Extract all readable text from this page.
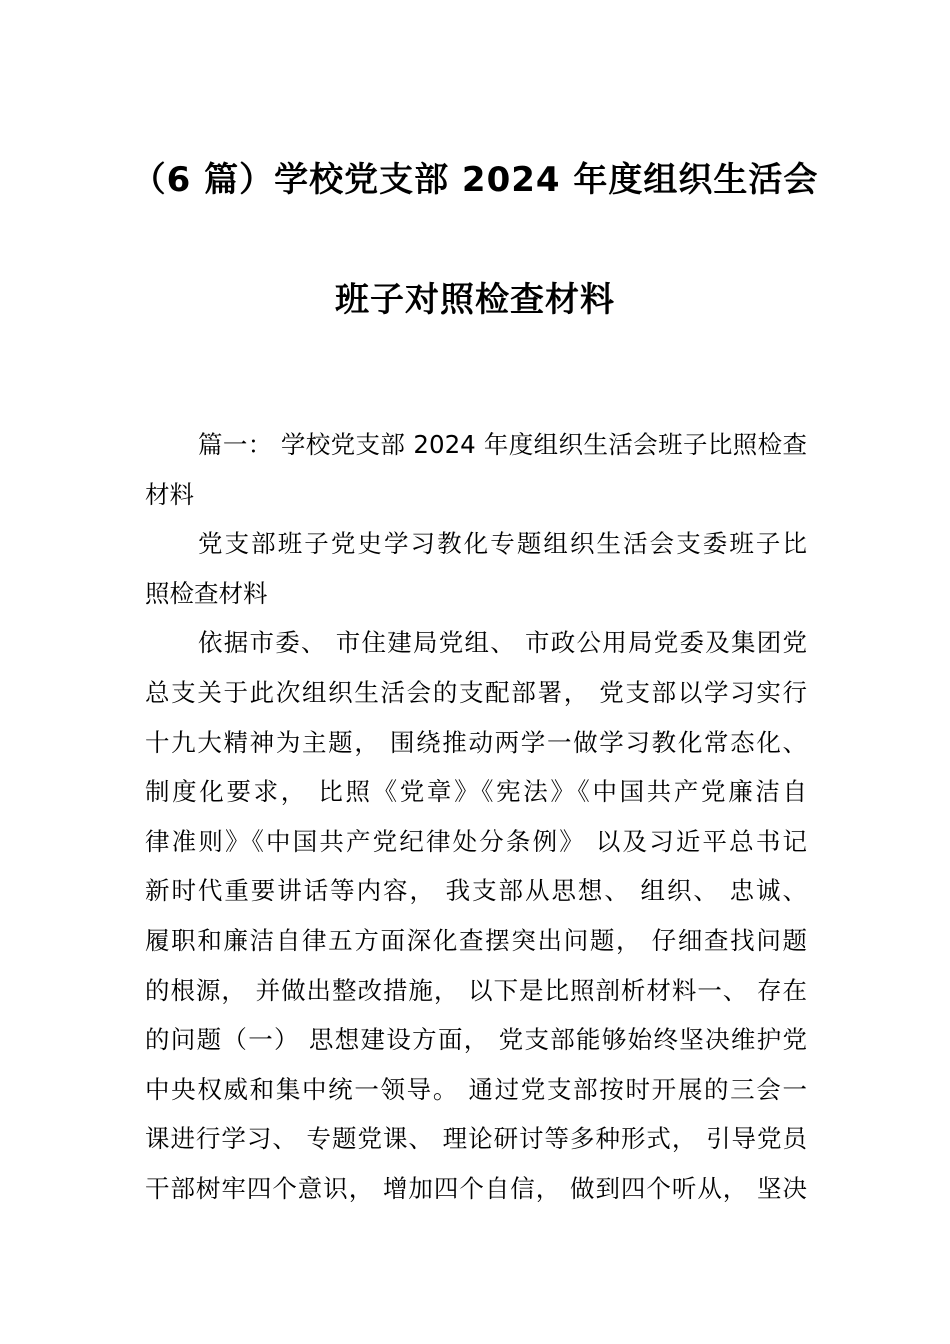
（6 篇）学校党支部 2024 年度组织生活会
班子对照检查材料
篇一： 学校党支部 2024 年度组织生活会班子比照检查
材料
党支部班子党史学习教化专题组织生活会支委班子比
照检查材料
依据市委、 市住建局党组、 市政公用局党委及集团党
总支关于此次组织生活会的支配部署， 党支部以学习实行
十九大精神为主题， 围绕推动两学一做学习教化常态化、
制度化要求， 比照《党章》《宪法》《中国共产党廉洁自
律准则》《中国共产党纪律处分条例》 以及习近平总书记
新时代重要讲话等内容， 我支部从思想、 组织、 忠诚、
履职和廉洁自律五方面深化查摆突出问题， 仔细查找问题
的根源， 并做出整改措施， 以下是比照剖析材料一、 存在
的问题（一） 思想建设方面， 党支部能够始终坚决维护党
中央权威和集中统一领导。 通过党支部按时开展的三会一
课进行学习、 专题党课、 理论研讨等多种形式， 引导党员
干部树牢四个意识， 增加四个自信， 做到四个听从， 坚决
